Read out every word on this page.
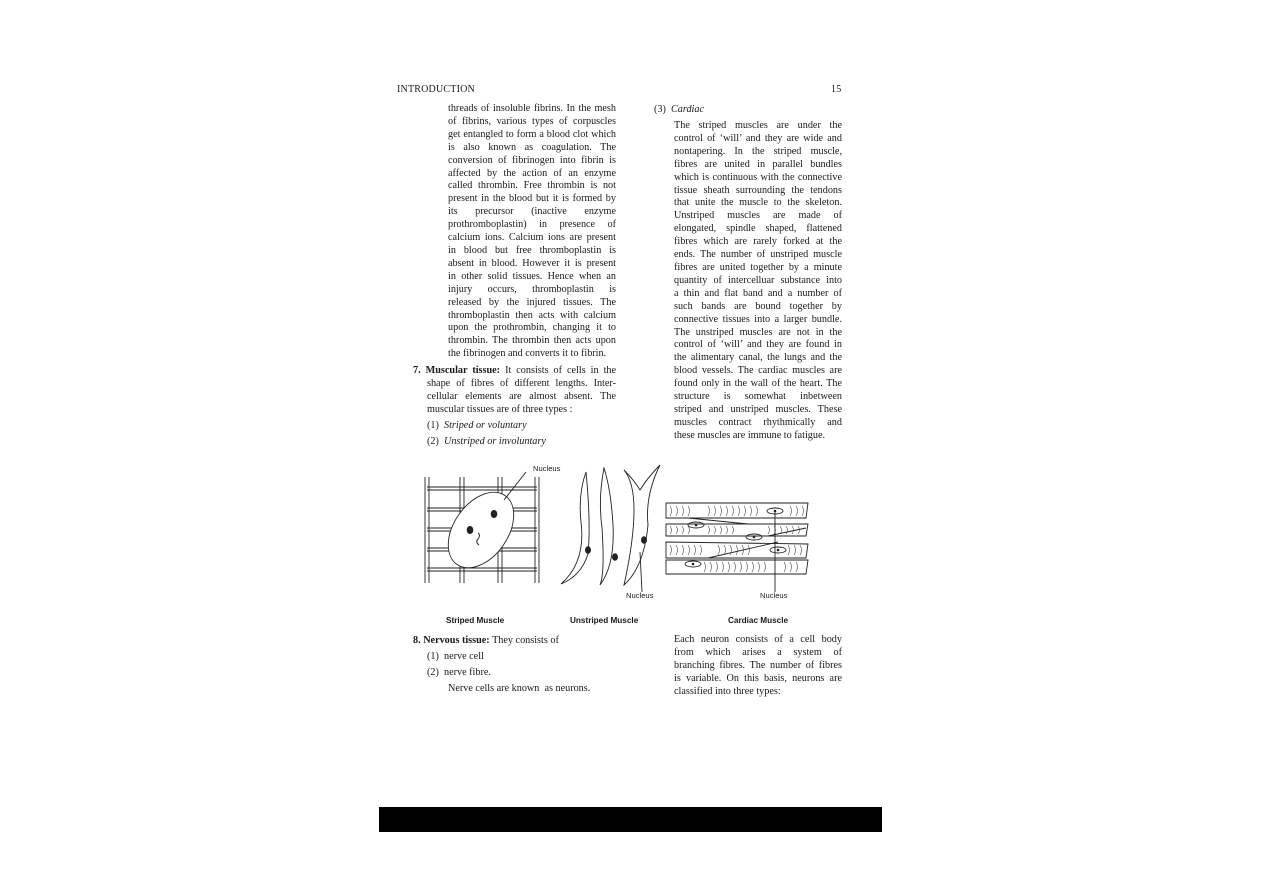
INTRODUCTION	15
threads of insoluble fibrins. In the mesh
of fibrins, various types of corpuscles
get entangled to form a blood clot which
is also known as coagulation. The
conversion of fibrinogen into fibrin is
affected by the action of an enzyme
called thrombin. Free thrombin is not
present in the blood but it is formed by
its precursor (inactive enzyme
prothromboplastin) in presence of
calcium ions. Calcium ions are present
in blood but free thromboplastin is
absent in blood. However it is present
in other solid tissues. Hence when an
injury occurs, thromboplastin is
released by the injured tissues. The
thromboplastin then acts with calcium
upon the prothrombin, changing it to
thrombin. The thrombin then acts upon
the fibrinogen and converts it to fibrin.
7. Muscular tissue: It consists of cells in the
shape of fibres of different lengths. Inter-
cellular elements are almost absent. The
muscular tissues are of three types :
(1) Striped or voluntary
(2) Unstriped or involuntary
(3) Cardiac
The striped muscles are under the
control of ‘will’ and they are wide and
nontapering. In the striped muscle,
fibres are united in parallel bundles
which is continuous with the connective
tissue sheath surrounding the tendons
that unite the muscle to the skeleton.
Unstriped muscles are made of
elongated, spindle shaped, flattened
fibres which are rarely forked at the
ends. The number of unstriped muscle
fibres are united together by a minute
quantity of intercelluar substance into
a thin and flat band and a number of
such bands are bound together by
connective tissues into a larger bundle.
The unstriped muscles are not in the
control of ‘will’ and they are found in
the alimentary canal, the lungs and the
blood vessels. The cardiac muscles are
found only in the wall of the heart. The
structure is somewhat inbetween
striped and unstriped muscles. These
muscles contract rhythmically and
these muscles are immune to fatigue.
Nucleus
Nucleus	Nucleus
Striped Muscle	Unstriped Muscle	Cardiac Muscle
8. Nervous tissue: They consists of
(1) nerve cell
(2) nerve fibre.
Nerve cells are known  as neurons.
Each neuron consists of a cell body
from which arises a system of
branching fibres. The number of fibres
is variable. On this basis, neurons are
classified into three types:
